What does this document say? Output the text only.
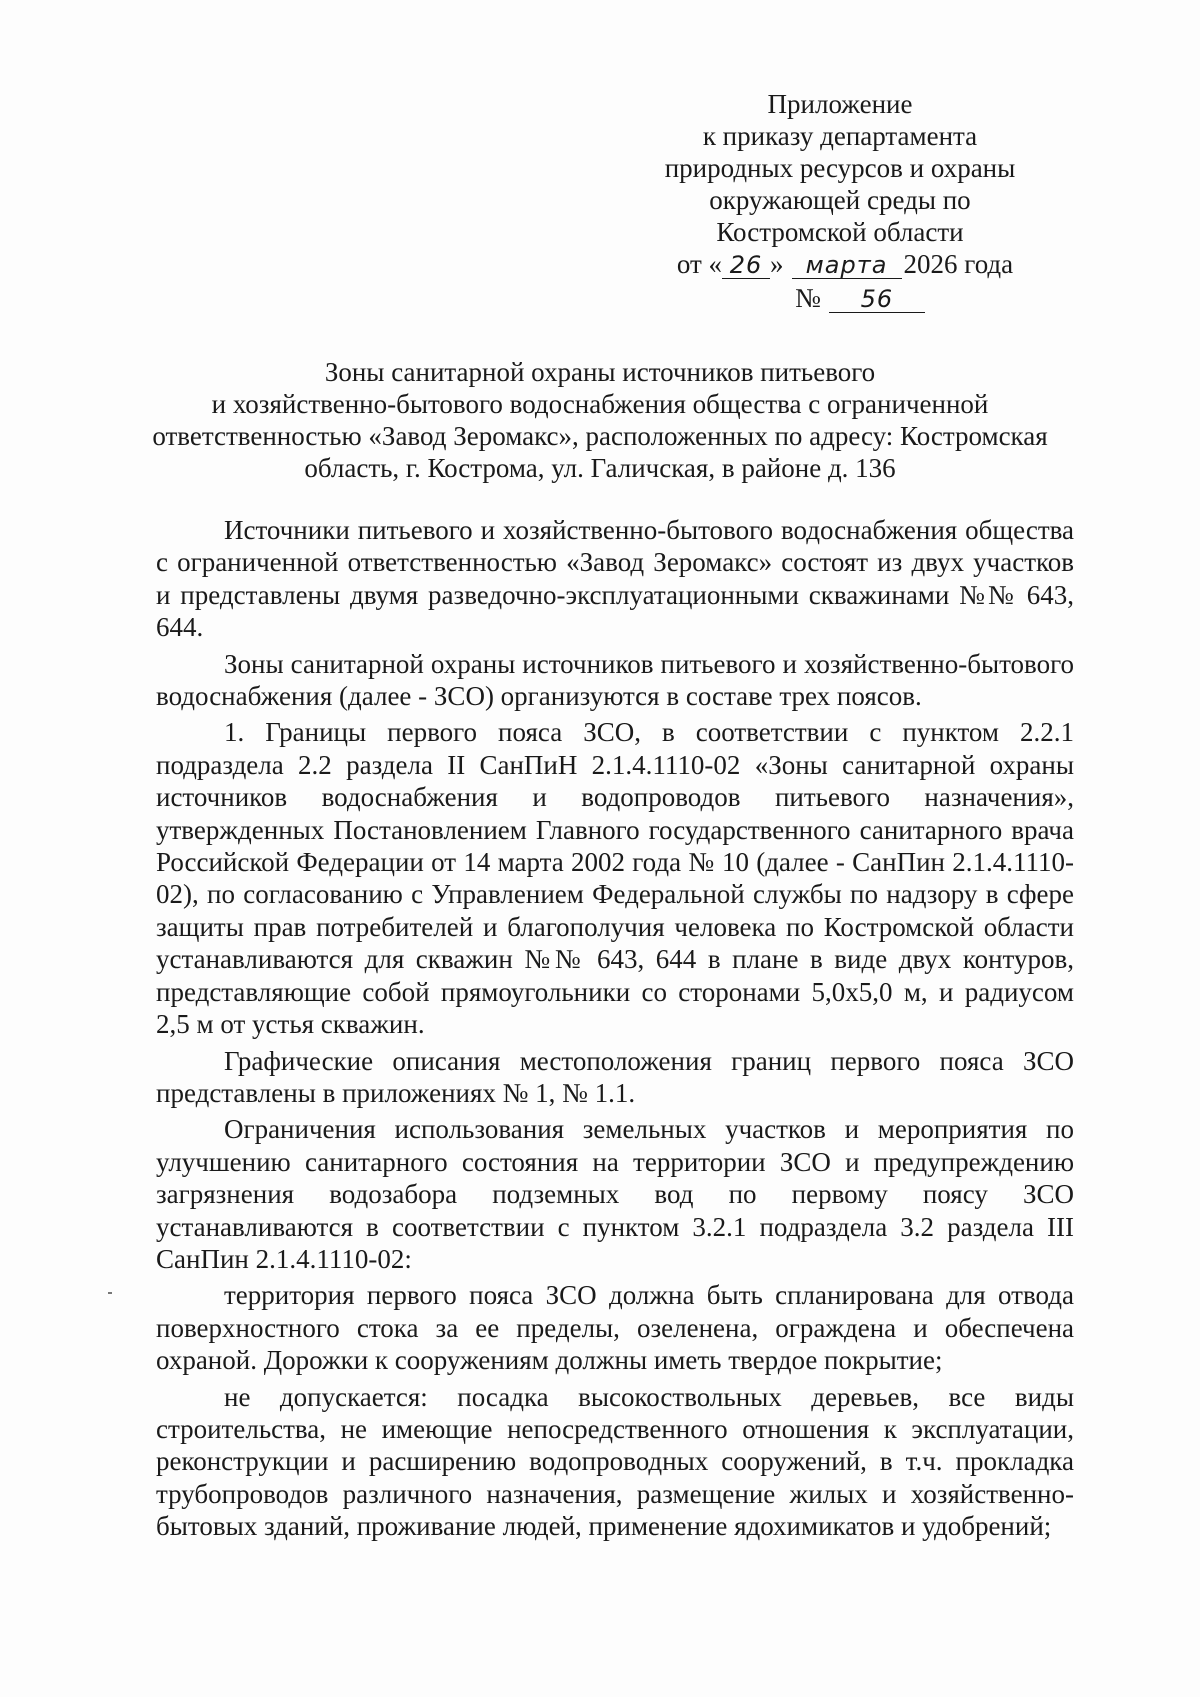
Приложение
к приказу департамента
природных ресурсов и охраны
окружающей среды по
Костромской области
от « 26 » марта 2026 года
№ 56
Зоны санитарной охраны источников питьевого
и хозяйственно-бытового водоснабжения общества с ограниченной
ответственностью «Завод Зеромакс», расположенных по адресу: Костромская
область, г. Кострома, ул. Галичская, в районе д. 136

Источники питьевого и хозяйственно-бытового водоснабжения общества с ограниченной ответственностью «Завод Зеромакс» состоят из двух участков и представлены двумя разведочно-эксплуатационными скважинами №№ 643, 644.

Зоны санитарной охраны источников питьевого и хозяйственно-бытового водоснабжения (далее - ЗСО) организуются в составе трех поясов.

1. Границы первого пояса ЗСО, в соответствии с пунктом 2.2.1 подраздела 2.2 раздела II СанПиН 2.1.4.1110-02 «Зоны санитарной охраны источников водоснабжения и водопроводов питьевого назначения», утвержденных Постановлением Главного государственного санитарного врача Российской Федерации от 14 марта 2002 года № 10 (далее - СанПин 2.1.4.1110-02), по согласованию с Управлением Федеральной службы по надзору в сфере защиты прав потребителей и благополучия человека по Костромской области устанавливаются для скважин №№ 643, 644 в плане в виде двух контуров, представляющие собой прямоугольники со сторонами 5,0х5,0 м, и радиусом 2,5 м от устья скважин.

Графические описания местоположения границ первого пояса ЗСО представлены в приложениях № 1, № 1.1.

Ограничения использования земельных участков и мероприятия по улучшению санитарного состояния на территории ЗСО и предупреждению загрязнения водозабора подземных вод по первому поясу ЗСО устанавливаются в соответствии с пунктом 3.2.1 подраздела 3.2 раздела III СанПин 2.1.4.1110-02:

территория первого пояса ЗСО должна быть спланирована для отвода поверхностного стока за ее пределы, озеленена, ограждена и обеспечена охраной. Дорожки к сооружениям должны иметь твердое покрытие;

не допускается: посадка высокоствольных деревьев, все виды строительства, не имеющие непосредственного отношения к эксплуатации, реконструкции и расширению водопроводных сооружений, в т.ч. прокладка трубопроводов различного назначения, размещение жилых и хозяйственно-бытовых зданий, проживание людей, применение ядохимикатов и удобрений;
